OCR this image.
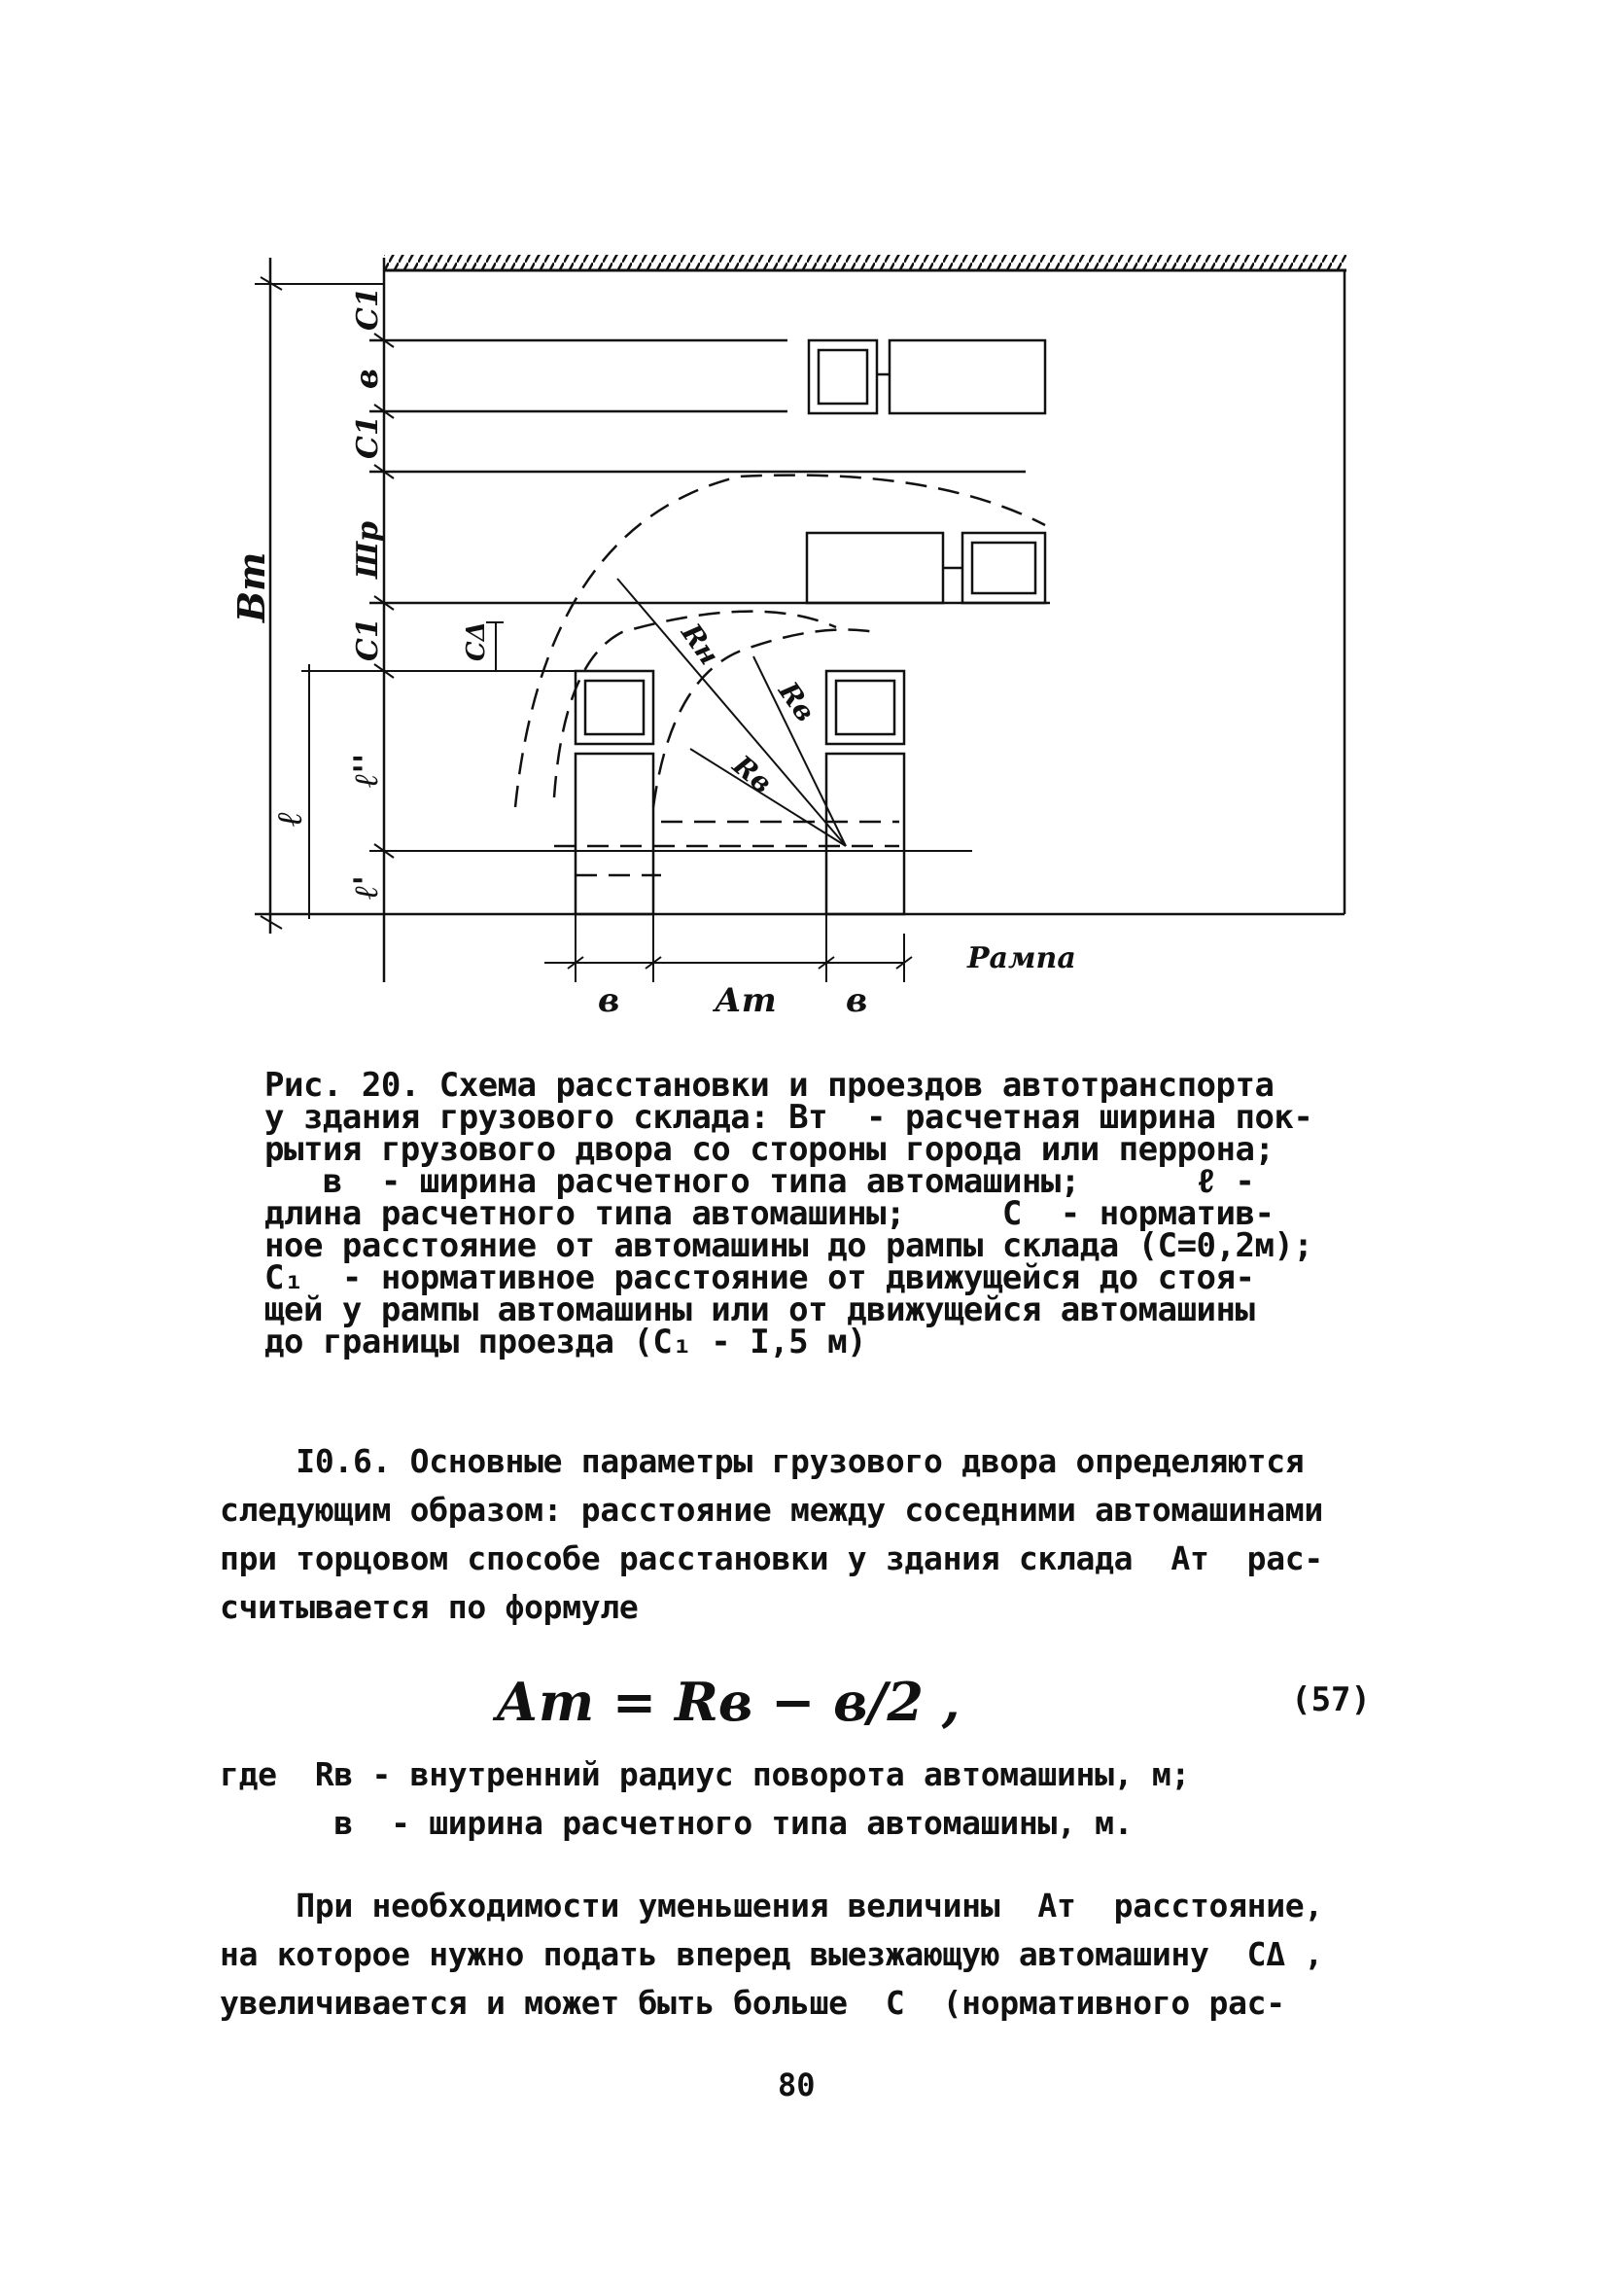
Вт
С1
в
С1
Шр
С1
ℓ''
ℓ'
ℓ
СΔ	Rн
Rв
Rв
в	Ат в
Рампа
Рис. 20. Схема расстановки и проездов автотранспорта
у здания грузового склада: Вт  - расчетная ширина пок-
рытия грузового двора со стороны города или перрона;
в  - ширина расчетного типа автомашины;      ℓ -
длина расчетного типа автомашины;     С  - норматив-
ное расстояние от автомашины до рампы склада (С=0,2м);
С₁  - нормативное расстояние от движущейся до стоя-
щей у рампы автомашины или от движущейся автомашины
до границы проезда (С₁ - I,5 м)
I0.6. Основные параметры грузового двора определяются
следующим образом: расстояние между соседними автомашинами
при торцовом способе расстановки у здания склада  Ат  рас-
считывается по формуле
Ат = Rв − в/2 ,	(57)
где  Rв - внутренний радиус поворота автомашины, м;
в  - ширина расчетного типа автомашины, м.
При необходимости уменьшения величины  Ат  расстояние,
на которое нужно подать вперед выезжающую автомашину  СΔ ,
увеличивается и может быть больше  С  (нормативного рас-
80
